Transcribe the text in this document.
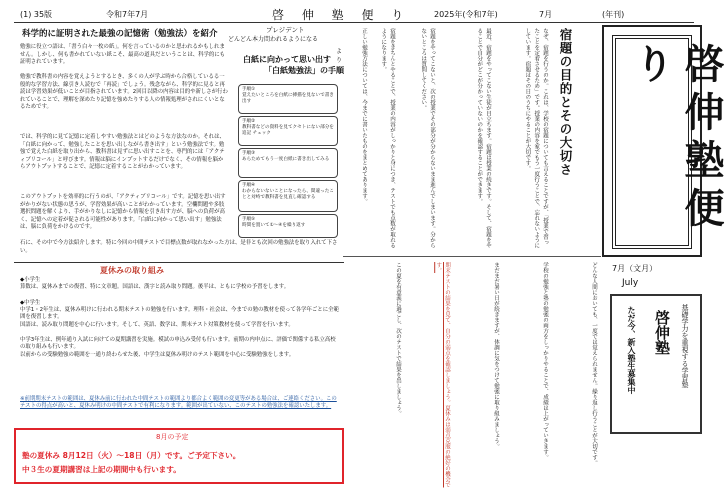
(1) 35版	令和7年7月	啓 伸 塾 便 り	2025年(令和7年)	7月	(年刊)
科学的に証明された最強の記憶術（勉強法）を紹介	プレジデント
どんどん本力問われるようになる
より
勉強に役立つ語は、「書う白々一枚の紙」。何を言っているのかと思われるかもしれません。しかし、何も書かれていない紙こそ、最高の道具だということは、科学的にも証明されています。
勉強で教科書の内容を覚えようとするとき、多くの人が学ぶ時から合格しているる一般的な学習方法、線引き人読むで「再読」でしょう。残念ながら、科学的に見ると再読は学習効果が低いことが目指されています。2回目以降の内容は目的や新しさが行われていることで、理解を深めたり記憶を強めたりする人の情報処理がされにくいとなるためです。
では、科学的に見て記憶に定着しやすい勉強法とはどのような方法なのか。それは、「白紙に向かって、勉強したことを思い出しながら書き出す」という勉強法です。勉強で覚えた白紙を取り出から、教科書は見ずに思い出すことを、専門的には「アクティブリコール」と呼びます。情報は脳にインプットするだけでなく、その情報を脳からアウトプットすることで、記憶に定着することがわかっています。
このアウトプットを効率的に行うのが、「アクティブリコール」です。記憶を思い出すがかりがない状態の思うが、学習効果が高いことがわかっています。空欄問題や多肢選択問題を解くより、手がかりなしに記憶から情報を引き出す方が、脳への負荷が高く、記憶への定着が促される可能性があります。「白紙に向かって思い出す」勉強法は、脳に負荷をかけるのです。
石に、その中で今方法紹介します。特に今回の中間テストで目標点数が取れなかった方は、是非とも次回の勉強法を取り入れて下さい。
白紙に向かって思い出す
「白紙勉強法」の手順
手順①
覚えたいところを白紙に挿描を見ないで書き出す
手順②
教科書などの資料を見てクセトにない部分を追記 チェック
手順③
あらためてもう一度白紙に書き出してみる
手順④
わからないないことになったら、間違ったことと対峙で教科書を見直し確認する
手順⑤
時間を置いて①〜④を繰り返す
夏休みの取り組み
◆小学生
算数は、夏休みまでの復習、特に文章題。国語は、漢字と読み取り問題。後半は、ともに学校の予習をします。
◆中学生
中学1・2年生は、夏休み明けに行われる期末テストの勉強を行います。理科・社会は、今までの勉の教材を使って各学年ごとに全範囲を復習します。
国語は、読み取り問題を中心に行います。そして、英語、数学は、期末テスト対策教材を使って学習を行います。
中学3年生は、例年通り入試に向けての夏期講習を実施。模試の申込み受付も行います。前期の内申点に、評価で関係する私立高校の取り組みも行います。
以前からの受験勉強の範囲を一通り終わらせた後、中学生は夏休み明けのテスト範囲を中心に受験勉強をします。
※前期期末テストの範囲は、夏休み前に行われた中間テストの範囲より都合よく範囲の変更等がある場合は、ご連絡ください。このテストの得点が高いと、夏休み明けの中間テストで有利になります。範囲が出ていない、このテストの勉強法を確認いたします。
8月の予定
塾の夏休み 8月12日（火）～18日（月）です。ご予定下さい。
中３生の夏期講習は上記の期間中も行います。
宿題の目的とその大切さ
なぜ、宿題を行うのか。これは、学校の宿題についても言えることですが、「授業で習ったことを定着させるため」です。授業の内容を家でもう一度行うことで、忘れないようにしています。宿題はその日のうちにやることが大切です。
最近、宿題をやってこない生徒が目立ちます。宿題は授業の続きです。そして、宿題をやることで自分がどこが分かっていないのかを確認することができます。
宿題をやってこないと、次の授業でその部分が分からないまま進んでしまいます。分からないところは質問してください。
宿題をきちんとやることで、授業の内容がしっかりと身につき、テストでも点数が取れるようになります。
正しい勉強方法については、今までに書いたものをまとめてあります。
どんな人間においても、一度では覚えられません。繰り返し行うことが大切です。
学校の勉強と塾の勉強の両方をしっかりやることで、成績は上がっていきます。
まだまだ暑い日が続きますが、体調に気をつけて勉強に取り組みましょう。
期末テストの結果を見て、自分の弱点を確認しましょう。夏休みは弱点克服の絶好の機会です。
この夏を有意義に過ごし、次のテストで結果を出しましょう。
啓伸塾便り
7月（文月）
July
基礎学力を重視する学習塾
啓伸塾
ただ今、新入塾生募集中
